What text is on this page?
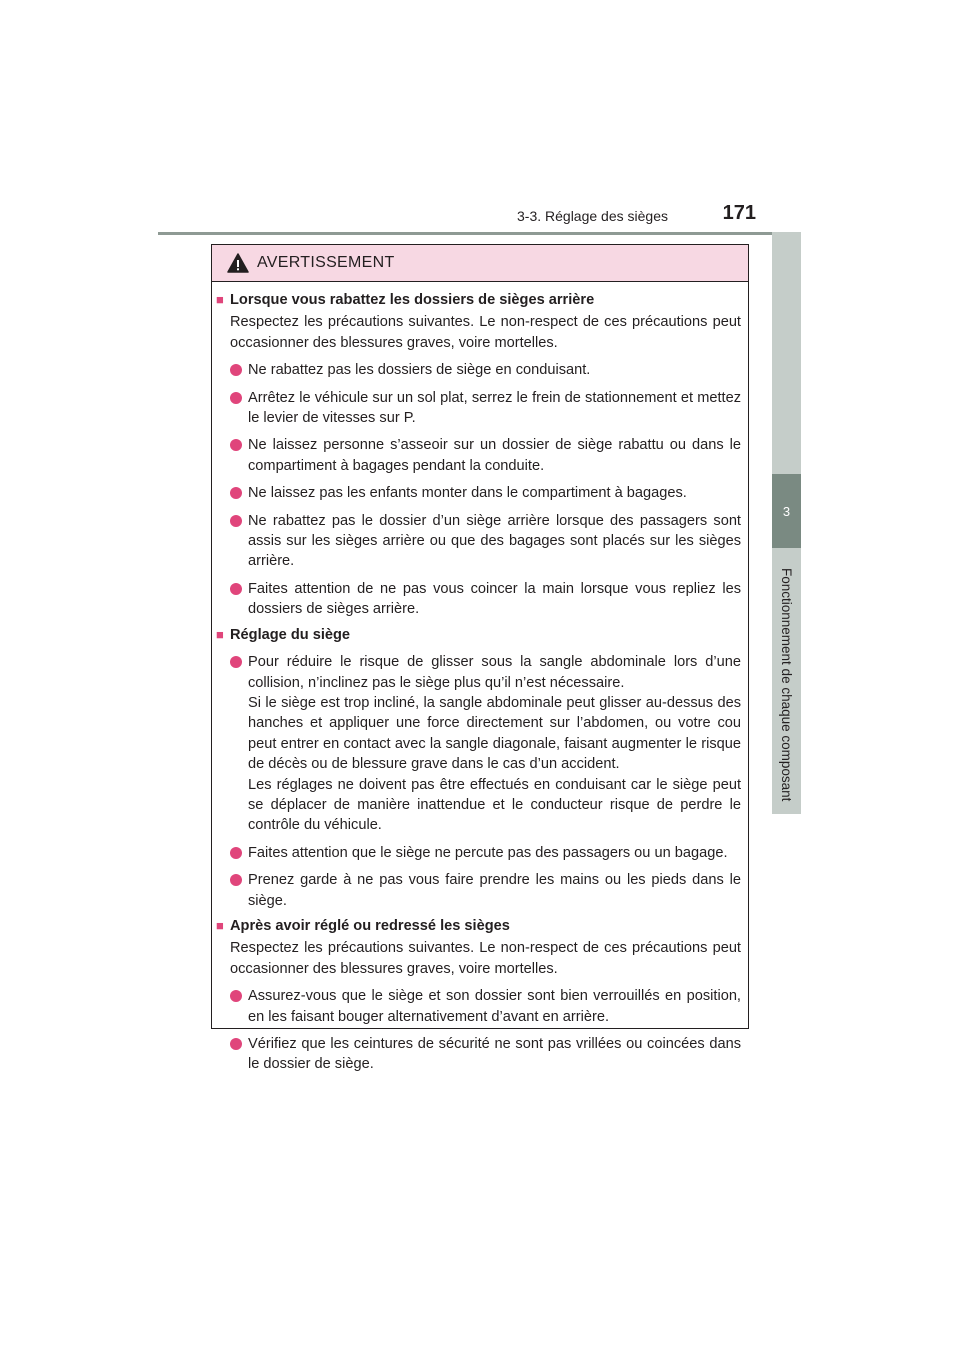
3-3. Réglage des sièges	171
3
Fonctionnement de chaque composant
AVERTISSEMENT
■ Lorsque vous rabattez les dossiers de sièges arrière

Respectez les précautions suivantes. Le non-respect de ces précautions peut occasionner des blessures graves, voire mortelles.

Ne rabattez pas les dossiers de siège en conduisant.

Arrêtez le véhicule sur un sol plat, serrez le frein de stationnement et mettez le levier de vitesses sur P.

Ne laissez personne s’asseoir sur un dossier de siège rabattu ou dans le compartiment à bagages pendant la conduite.

Ne laissez pas les enfants monter dans le compartiment à bagages.

Ne rabattez pas le dossier d’un siège arrière lorsque des passagers sont assis sur les sièges arrière ou que des bagages sont placés sur les sièges arrière.

Faites attention de ne pas vous coincer la main lorsque vous repliez les dossiers de sièges arrière.

■ Réglage du siège

Pour réduire le risque de glisser sous la sangle abdominale lors d’une collision, n’inclinez pas le siège plus qu’il n’est nécessaire.

Si le siège est trop incliné, la sangle abdominale peut glisser au-dessus des hanches et appliquer une force directement sur l’abdomen, ou votre cou peut entrer en contact avec la sangle diagonale, faisant augmenter le risque de décès ou de blessure grave dans le cas d’un accident.

Les réglages ne doivent pas être effectués en conduisant car le siège peut se déplacer de manière inattendue et le conducteur risque de perdre le contrôle du véhicule.

Faites attention que le siège ne percute pas des passagers ou un bagage.

Prenez garde à ne pas vous faire prendre les mains ou les pieds dans le siège.

■ Après avoir réglé ou redressé les sièges

Respectez les précautions suivantes. Le non-respect de ces précautions peut occasionner des blessures graves, voire mortelles.

Assurez-vous que le siège et son dossier sont bien verrouillés en position, en les faisant bouger alternativement d’avant en arrière.

Vérifiez que les ceintures de sécurité ne sont pas vrillées ou coincées dans le dossier de siège.
